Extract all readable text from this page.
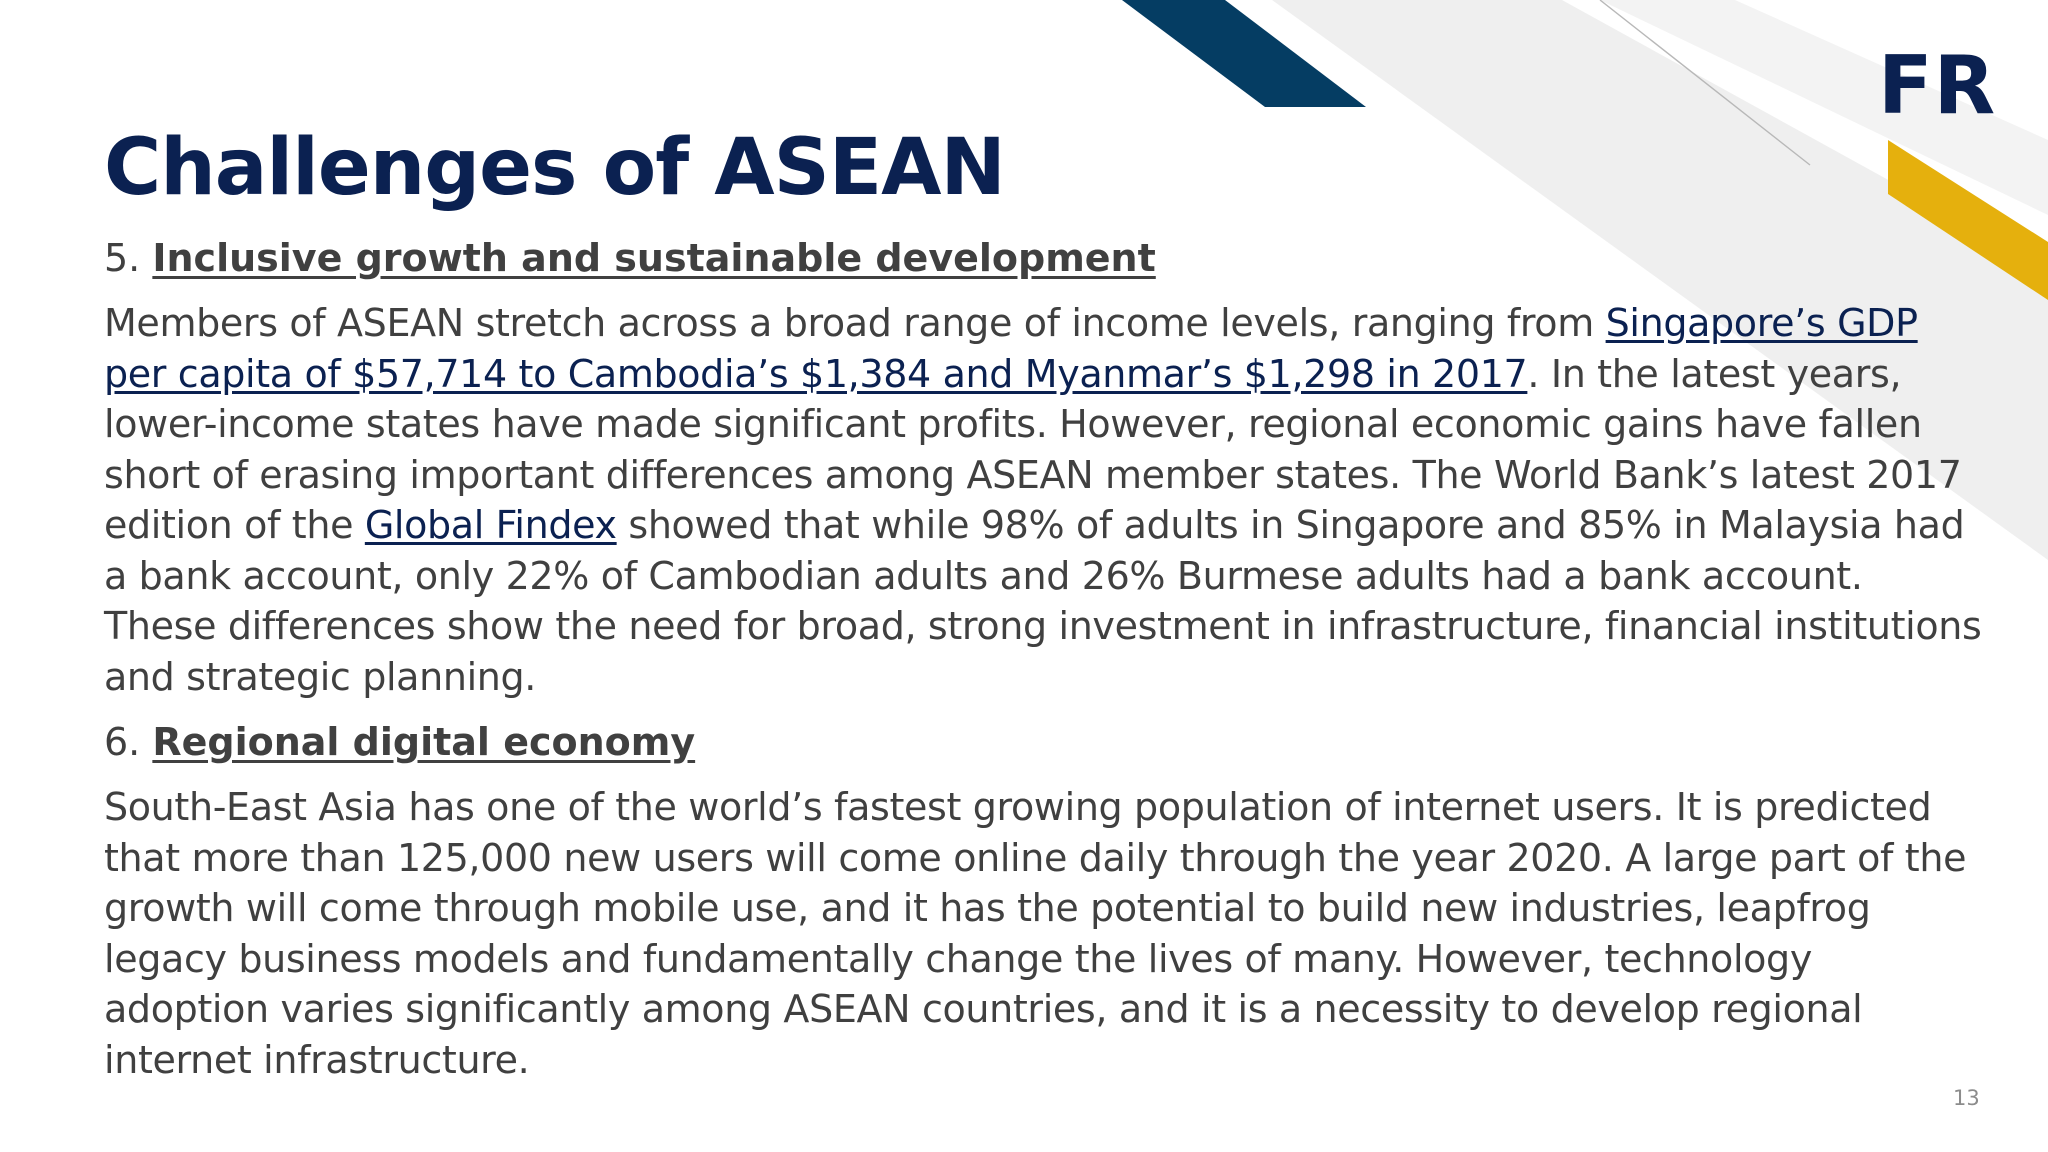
FR
Challenges of ASEAN
5. Inclusive growth and sustainable development

Members of ASEAN stretch across a broad range of income levels, ranging from Singapore’s GDP per capita of $57,714 to Cambodia’s $1,384 and Myanmar’s $1,298 in 2017. In the latest years, lower-income states have made significant profits. However, regional economic gains have fallen short of erasing important differences among ASEAN member states. The World Bank’s latest 2017 edition of the Global Findex showed that while 98% of adults in Singapore and 85% in Malaysia had a bank account, only 22% of Cambodian adults and 26% Burmese adults had a bank account. These differences show the need for broad, strong investment in infrastructure, financial institutions and strategic planning.

6. Regional digital economy

South-East Asia has one of the world’s fastest growing population of internet users. It is predicted that more than 125,000 new users will come online daily through the year 2020. A large part of the growth will come through mobile use, and it has the potential to build new industries, leapfrog legacy business models and fundamentally change the lives of many. However, technology adoption varies significantly among ASEAN countries, and it is a necessity to develop regional internet infrastructure.

13
